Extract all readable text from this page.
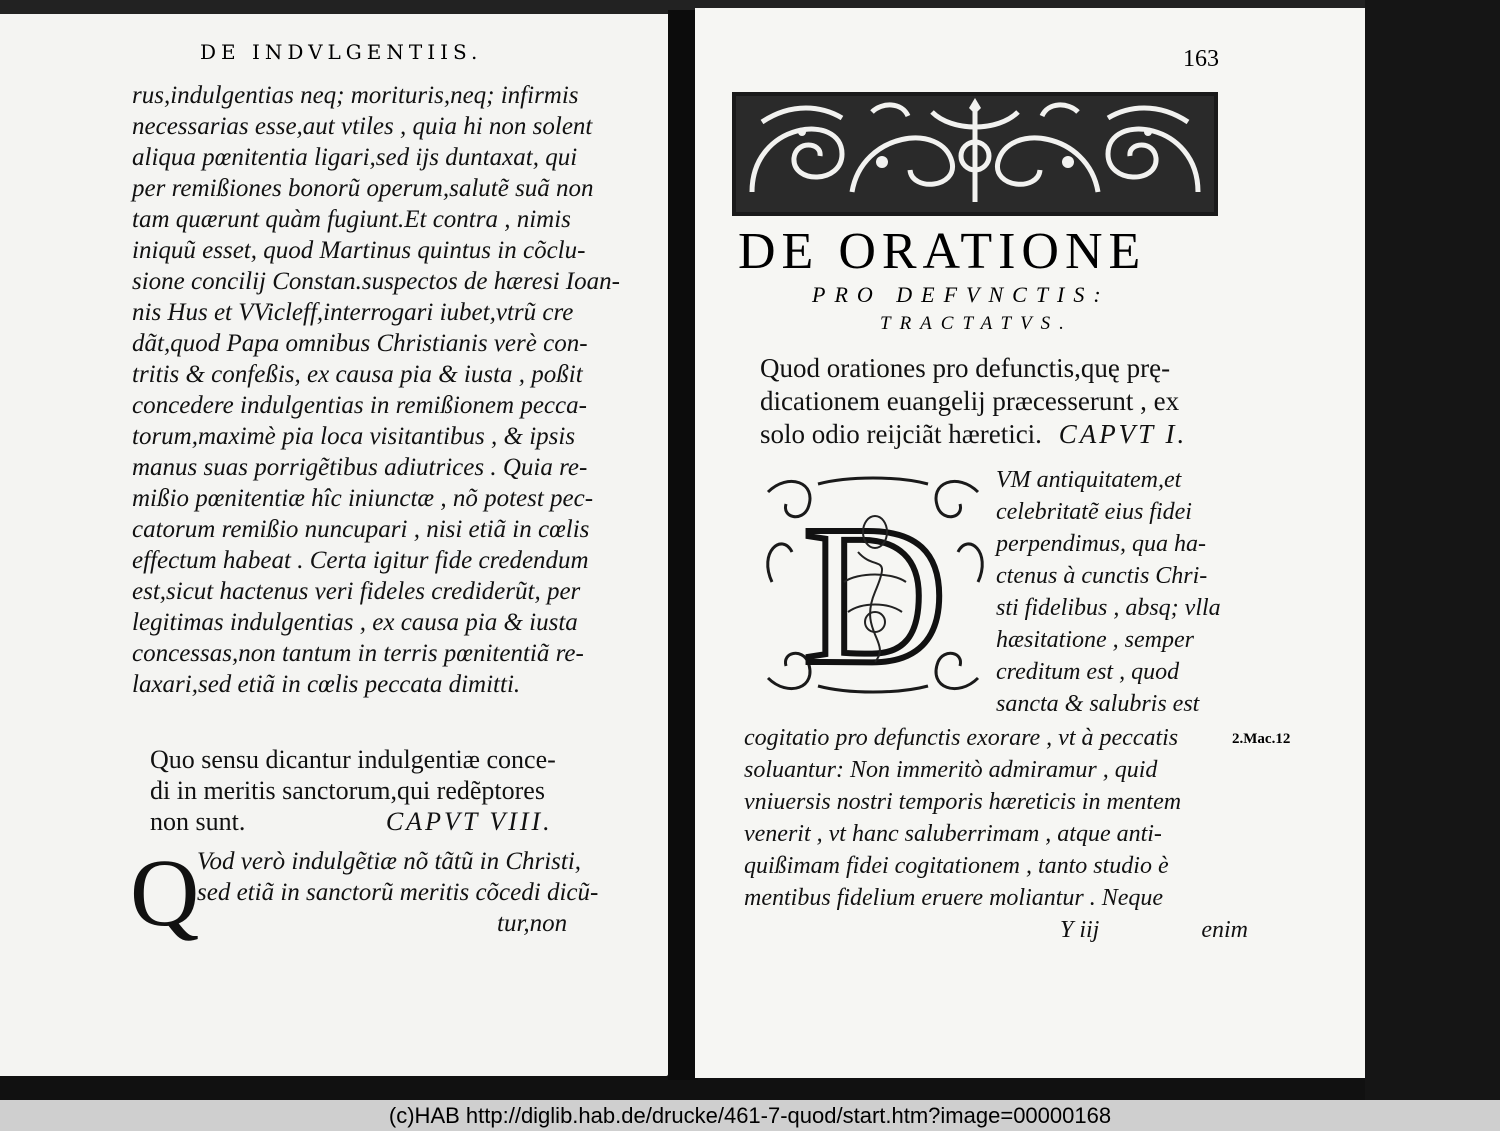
DE INDVLGENTIIS.
rus,indulgentias neq; morituris,neq; infirmis
necessarias esse,aut vtiles , quia hi non solent
aliqua pœnitentia ligari,sed ijs duntaxat, qui
per remißiones bonorũ operum,salutẽ suã non
tam quærunt quàm fugiunt.Et contra , nimis
iniquũ esset, quod Martinus quintus in cõclu-
sione concilij Constan.suspectos de hæresi Ioan-
nis Hus et VVicleff,interrogari iubet,vtrũ cre
dãt,quod Papa omnibus Christianis verè con-
tritis & confeßis, ex causa pia & iusta , poßit
concedere indulgentias in remißionem pecca-
torum,maximè pia loca visitantibus , & ipsis
manus suas porrigẽtibus adiutrices . Quia re-
mißio pœnitentiæ hîc iniunctæ , nõ potest pec-
catorum remißio nuncupari , nisi etiã in cœlis
effectum habeat . Certa igitur fide credendum
est,sicut hactenus veri fideles crediderũt, per
legitimas indulgentias , ex causa pia & iusta
concessas,non tantum in terris pœnitentiã re-
laxari,sed etiã in cœlis peccata dimitti.
Quo sensu dicantur indulgentiæ conce-
di in meritis sanctorum,qui redẽptores
non sunt.	CAPVT VIII.
Q
Vod verò indulgẽtiæ nõ tãtũ in Christi,
sed etiã in sanctorũ meritis cõcedi dicũ-
tur,non
163
DE ORATIONE
PRO DEFVNCTIS:
TRACTATVS.
Quod orationes pro defunctis,quę prę-
dicationem euangelij præcesserunt , ex
solo odio reijciãt hæretici. CAPVT I.
D
VM antiquitatem,et
celebritatẽ eius fidei
perpendimus, qua ha-
ctenus à cunctis Chri-
sti fidelibus , absq; vlla
hæsitatione , semper
creditum est , quod
sancta & salubris est
cogitatio pro defunctis exorare , vt à peccatis
soluantur: Non immeritò admiramur , quid
vniuersis nostri temporis hæreticis in mentem
venerit , vt hanc saluberrimam , atque anti-
quißimam fidei cogitationem , tanto studio è
mentibus fidelium eruere moliantur . Neque
Y iij	enim
2.Mac.12
(c)HAB http://diglib.hab.de/drucke/461-7-quod/start.htm?image=00000168
